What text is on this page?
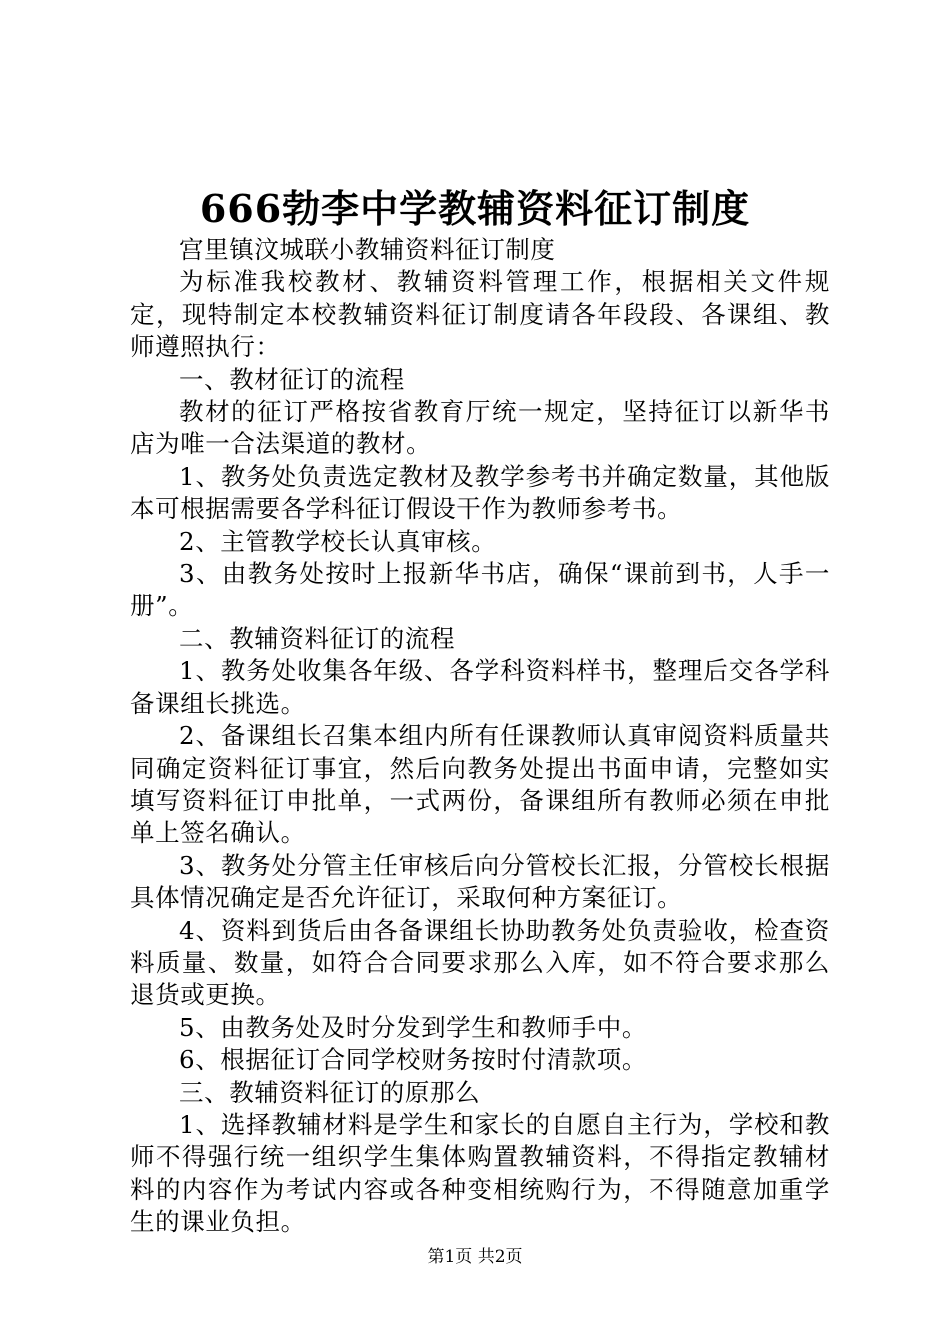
666勃李中学教辅资料征订制度

宫里镇汶城联小教辅资料征订制度

为标准我校教材、教辅资料管理工作，根据相关文件规定，现特制定本校教辅资料征订制度请各年段段、各课组、教师遵照执行：

一、教材征订的流程

教材的征订严格按省教育厅统一规定，坚持征订以新华书店为唯一合法渠道的教材。

1、教务处负责选定教材及教学参考书并确定数量，其他版本可根据需要各学科征订假设干作为教师参考书。

2、主管教学校长认真审核。

3、由教务处按时上报新华书店，确保“课前到书，人手一册”。

二、教辅资料征订的流程

1、教务处收集各年级、各学科资料样书，整理后交各学科备课组长挑选。

2、备课组长召集本组内所有任课教师认真审阅资料质量共同确定资料征订事宜，然后向教务处提出书面申请，完整如实填写资料征订申批单，一式两份，备课组所有教师必须在申批单上签名确认。

3、教务处分管主任审核后向分管校长汇报，分管校长根据具体情况确定是否允许征订，采取何种方案征订。

4、资料到货后由各备课组长协助教务处负责验收，检查资料质量、数量，如符合合同要求那么入库，如不符合要求那么退货或更换。

5、由教务处及时分发到学生和教师手中。

6、根据征订合同学校财务按时付清款项。

三、教辅资料征订的原那么

1、选择教辅材料是学生和家长的自愿自主行为，学校和教师不得强行统一组织学生集体购置教辅资料，不得指定教辅材料的内容作为考试内容或各种变相统购行为，不得随意加重学生的课业负担。

第1页 共2页
